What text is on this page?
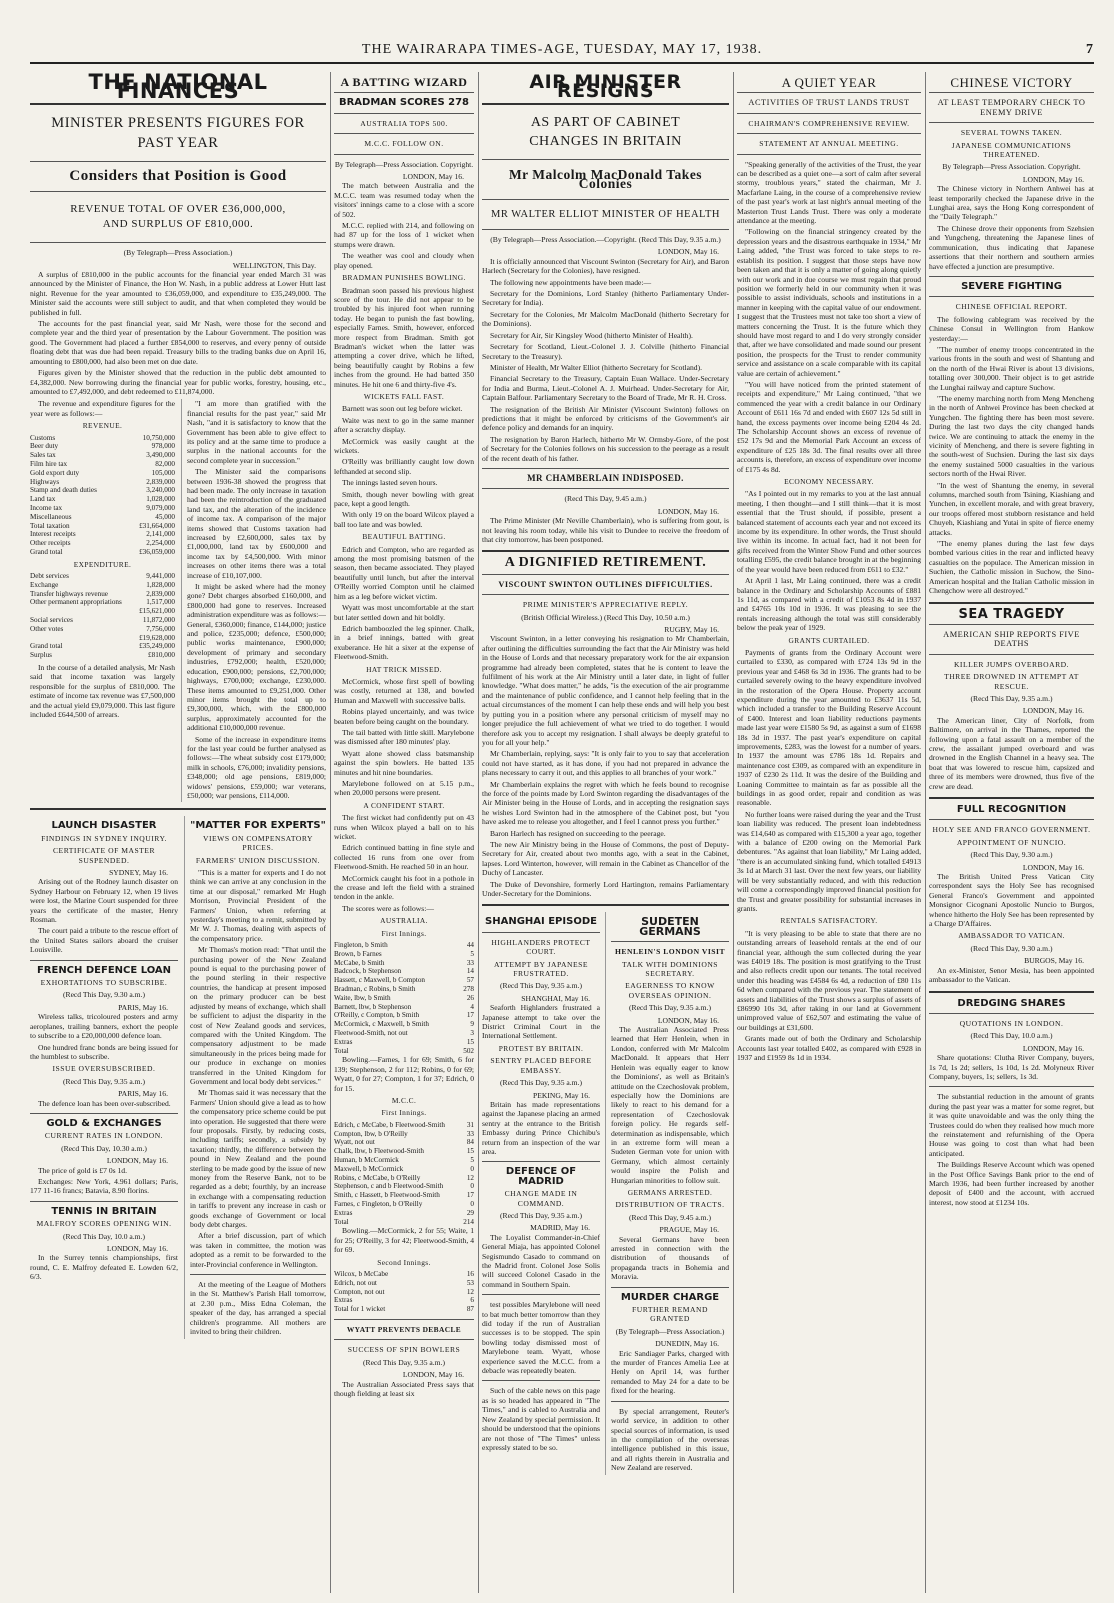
THE WAIRARAPA TIMES-AGE, TUESDAY, MAY 17, 1938.	7
THE NATIONAL FINANCES
MINISTER PRESENTS FIGURES FOR PAST YEAR
Considers that Position is Good
REVENUE TOTAL OF OVER £36,000,000, AND SURPLUS OF £810,000.
(By Telegraph—Press Association.)
WELLINGTON, This Day.

A surplus of £810,000 in the public accounts for the financial year ended March 31 was announced by the Minister of Finance, the Hon W. Nash, in a public address at Lower Hutt last night. Revenue for the year amounted to £36,059,000, and expenditure to £35,249,000. The Minister said the accounts were still subject to audit, and that when completed they would be published in full.

The accounts for the past financial year, said Mr Nash, were those for the second and complete year and the third year of presentation by the Labour Government. The position was good. The Government had placed a further £854,000 to reserves, and every penny of outside floating debt that was due had been repaid. Treasury bills to the trading banks due on April 16, amounting to £800,000, had also been met on due date.

Figures given by the Minister showed that the reduction in the public debt amounted to £4,382,000. New borrowing during the financial year for public works, forestry, housing, etc., amounted to £7,492,000, and debt redeemed to £11,874,000.

The revenue and expenditure figures for the year were as follows:—

REVENUE.
Customs	10,750,000
Beer duty	978,000
Sales tax	3,490,000
Film hire tax	82,000
Gold export duty	105,000
Highways	2,839,000
Stamp and death duties	3,240,000
Land tax	1,028,000
Income tax	9,079,000
Miscellaneous	45,000
Total taxation	£31,664,000
Interest receipts	2,141,000
Other receipts	2,254,000
Grand total	£36,059,000
EXPENDITURE.
Debt services	9,441,000
Exchange	1,828,000
Transfer highways revenue	2,839,000
Other permanent appropriations	1,517,000
	£15,621,000
Social services	11,872,000
Other votes	7,756,000
	£19,628,000
Grand total	£35,249,000
Surplus	£810,000

In the course of a detailed analysis, Mr Nash said that income taxation was largely responsible for the surplus of £810,000. The estimate of income tax revenue was £7,500,000 and the actual yield £9,079,000. This last figure included £644,500 of arrears.

"I am more than gratified with the financial results for the past year," said Mr Nash, "and it is satisfactory to know that the Government has been able to give effect to its policy and at the same time to produce a surplus in the national accounts for the second complete year in succession."

The Minister said the comparisons between 1936-38 showed the progress that had been made. The only increase in taxation had been the reintroduction of the graduated land tax, and the alteration of the incidence of income tax. A comparison of the major items showed that Customs taxation had increased by £2,600,000, sales tax by £1,000,000, land tax by £600,000 and income tax by £4,500,000. With minor increases on other items there was a total increase of £10,107,000.

It might be asked where had the money gone? Debt charges absorbed £160,000, and £800,000 had gone to reserves. Increased administration expenditure was as follows:—General, £360,000; finance, £144,000; justice and police, £235,000; defence, £500,000; public works maintenance, £900,000; development of primary and secondary industries, £792,000; health, £520,000; education, £900,000; pensions, £2,700,000; highways, £700,000; exchange, £230,000. These items amounted to £9,251,000. Other minor items brought the total up to £9,300,000, which, with the £800,000 surplus, approximately accounted for the additional £10,000,000 revenue.

Some of the increase in expenditure items for the last year could be further analysed as follows:—The wheat subsidy cost £179,000; milk in schools, £76,000; invalidity pensions, £348,000; old age pensions, £819,000; widows' pensions, £59,000; war veterans, £50,000; war pensions, £114,000.

LAUNCH DISASTER
FINDINGS IN SYDNEY INQUIRY.
CERTIFICATE OF MASTER SUSPENDED.
SYDNEY, May 16.

Arising out of the Rodney launch disaster on Sydney Harbour on February 12, when 19 lives were lost, the Marine Court suspended for three years the certificate of the master, Henry Rosman.

The court paid a tribute to the rescue effort of the United States sailors aboard the cruiser Louisville.

FRENCH DEFENCE LOAN
EXHORTATIONS TO SUBSCRIBE.
(Recd This Day, 9.30 a.m.)
PARIS, May 16.

Wireless talks, tricoloured posters and army aeroplanes, trailing banners, exhort the people to subscribe to a £20,000,000 defence loan.

One hundred franc bonds are being issued for the humblest to subscribe.

ISSUE OVERSUBSCRIBED.
(Recd This Day, 9.35 a.m.)
PARIS, May 16.

The defence loan has been over-subscribed.

GOLD & EXCHANGES
CURRENT RATES IN LONDON.
(Recd This Day, 10.30 a.m.)
LONDON, May 16.

The price of gold is £7 0s 1d.

Exchanges: New York, 4.961 dollars; Paris, 177 11-16 francs; Batavia, 8.90 florins.

TENNIS IN BRITAIN
MALFROY SCORES OPENING WIN.
(Recd This Day, 10.0 a.m.)
LONDON, May 16.

In the Surrey tennis championships, first round, C. E. Malfroy defeated E. Lowden 6/2, 6/3.

"MATTER FOR EXPERTS"
VIEWS ON COMPENSATORY PRICES.
FARMERS' UNION DISCUSSION.

"This is a matter for experts and I do not think we can arrive at any conclusion in the time at our disposal," remarked Mr Hugh Morrison, Provincial President of the Farmers' Union, when referring at yesterday's meeting to a remit, submitted by Mr W. J. Thomas, dealing with aspects of the compensatory price.

Mr Thomas's motion read: "That until the purchasing power of the New Zealand pound is equal to the purchasing power of the pound sterling in their respective countries, the handicap at present imposed on the primary producer can be best adjusted by means of exchange, which shall be sufficient to adjust the disparity in the cost of New Zealand goods and services, compared with the United Kingdom. The compensatory adjustment to be made simultaneously in the prices being made for our produce in exchange on monies transferred in the United Kingdom for Government and local body debt services."

Mr Thomas said it was necessary that the Farmers' Union should give a lead as to how the compensatory price scheme could be put into operation. He suggested that there were four proposals. Firstly, by reducing costs, including tariffs; secondly, a subsidy by taxation; thirdly, the difference between the pound in New Zealand and the pound sterling to be made good by the issue of new money from the Reserve Bank, not to be regarded as a debt; fourthly, by an increase in exchange with a compensating reduction in tariffs to prevent any increase in cash or goods exchange of Government or local body debt charges.

After a brief discussion, part of which was taken in committee, the motion was adopted as a remit to be forwarded to the inter-Provincial conference in Wellington.

At the meeting of the League of Mothers in the St. Matthew's Parish Hall tomorrow, at 2.30 p.m., Miss Edna Coleman, the speaker of the day, has arranged a special children's programme. All mothers are invited to bring their children.

A BATTING WIZARD
BRADMAN SCORES 278
AUSTRALIA TOPS 500.
M.C.C. FOLLOW ON.
By Telegraph—Press Association. Copyright.
LONDON, May 16.

The match between Australia and the M.C.C. team was resumed today when the visitors' innings came to a close with a score of 502.

M.C.C. replied with 214, and following on had 87 up for the loss of 1 wicket when stumps were drawn.

The weather was cool and cloudy when play opened.

BRADMAN PUNISHES BOWLING.

Bradman soon passed his previous highest score of the tour. He did not appear to be troubled by his injured foot when running today. He began to punish the fast bowling, especially Farnes. Smith, however, enforced more respect from Bradman. Smith got Bradman's wicket when the latter was attempting a cover drive, which he lifted, being beautifully caught by Robins a few inches from the ground. He had batted 350 minutes. He hit one 6 and thirty-five 4's.

WICKETS FALL FAST.

Barnett was soon out leg before wicket.

Waite was next to go in the same manner after a scratchy display.

McCormick was easily caught at the wickets.

O'Reilly was brilliantly caught low down lefthanded at second slip.

The innings lasted seven hours.

Smith, though never bowling with great pace, kept a good length.

With only 19 on the board Wilcox played a ball too late and was bowled.

BEAUTIFUL BATTING.

Edrich and Compton, who are regarded as among the most promising batsmen of the season, then became associated. They played beautifully until lunch, but after the interval O'Reilly worried Compton until he claimed him as a leg before wicket victim.

Wyatt was most uncomfortable at the start but later settled down and hit boldly.

Edrich bamboozled the leg spinner. Chalk, in a brief innings, batted with great exuberance. He hit a sixer at the expense of Fleetwood-Smith.

HAT TRICK MISSED.

McCormick, whose first spell of bowling was costly, returned at 138, and bowled Human and Maxwell with successive balls.

Robins played uncertainly, and was twice beaten before being caught on the boundary.

The tail batted with little skill. Marylebone was dismissed after 180 minutes' play.

Wyatt alone showed class batsmanship against the spin bowlers. He batted 135 minutes and hit nine boundaries.

Marylebone followed on at 5.15 p.m., when 20,000 persons were present.

A CONFIDENT START.

The first wicket had confidently put on 43 runs when Wilcox played a ball on to his wicket.

Edrich continued batting in fine style and collected 16 runs from one over from Fleetwood-Smith. He reached 50 in an hour.

McCormick caught his foot in a pothole in the crease and left the field with a strained tendon in the ankle.

The scores were as follows:—

AUSTRALIA.
First Innings.
Fingleton, b Smith	44
Brown, b Farnes	5
McCabe, b Smith	33
Badcock, b Stephenson	14
Hassett, c Maxwell, b Compton	57
Bradman, c Robins, b Smith	278
Waite, lbw, b Smith	26
Barnett, lbw, b Stephenson	4
O'Reilly, c Compton, b Smith	17
McCormick, c Maxwell, b Smith	9
Fleetwood-Smith, not out	3
Extras	15
Total	502

Bowling.—Farnes, 1 for 69; Smith, 6 for 139; Stephenson, 2 for 112; Robins, 0 for 69; Wyatt, 0 for 27; Compton, 1 for 37; Edrich, 0 for 15.

M.C.C.
First Innings.
Edrich, c McCabe, b Fleetwood-Smith	31
Compton, lbw, b O'Reilly	33
Wyatt, not out	84
Chalk, lbw, b Fleetwood-Smith	15
Human, b McCormick	5
Maxwell, b McCormick	0
Robins, c McCabe, b O'Reilly	12
Stephenson, c and b Fleetwood-Smith	0
Smith, c Hassett, b Fleetwood-Smith	17
Farnes, c Fingleton, b O'Reilly	0
Extras	29
Total	214

Bowling.—McCormick, 2 for 55; Waite, 1 for 25; O'Reilly, 3 for 42; Fleetwood-Smith, 4 for 69.

Second Innings.
Wilcox, b McCabe	16
Edrich, not out	53
Compton, not out	12
Extras	6
Total for 1 wicket	87
WYATT PREVENTS DEBACLE
SUCCESS OF SPIN BOWLERS
(Recd This Day, 9.35 a.m.)
LONDON, May 16.

The Australian Associated Press says that though fielding at least six

AIR MINISTER RESIGNS
AS PART OF CABINET CHANGES IN BRITAIN
Mr Malcolm MacDonald Takes Colonies
MR WALTER ELLIOT MINISTER OF HEALTH
(By Telegraph—Press Association.—Copyright. (Recd This Day, 9.35 a.m.)
LONDON, May 16.

It is officially announced that Viscount Swinton (Secretary for Air), and Baron Harlech (Secretary for the Colonies), have resigned.

The following new appointments have been made:—

Secretary for the Dominions, Lord Stanley (hitherto Parliamentary Under-Secretary for India).

Secretary for the Colonies, Mr Malcolm MacDonald (hitherto Secretary for the Dominions).

Secretary for Air, Sir Kingsley Wood (hitherto Minister of Health).

Secretary for Scotland, Lieut.-Colonel J. J. Colville (hitherto Financial Secretary to the Treasury).

Minister of Health, Mr Walter Elliot (hitherto Secretary for Scotland).

Financial Secretary to the Treasury, Captain Euan Wallace. Under-Secretary for India and Burma, Lieut.-Colonel A. J. Muirhead. Under-Secretary for Air, Captain Balfour. Parliamentary Secretary to the Board of Trade, Mr R. H. Cross.

The resignation of the British Air Minister (Viscount Swinton) follows on predictions that it might be enforced by criticisms of the Government's air defence policy and demands for an inquiry.

The resignation by Baron Harlech, hitherto Mr W. Ormsby-Gore, of the post of Secretary for the Colonies follows on his succession to the peerage as a result of the recent death of his father.

MR CHAMBERLAIN INDISPOSED.
(Recd This Day, 9.45 a.m.)
LONDON, May 16.

The Prime Minister (Mr Neville Chamberlain), who is suffering from gout, is not leaving his room today, while his visit to Dundee to receive the freedom of that city tomorrow, has been postponed.

A DIGNIFIED RETIREMENT.
VISCOUNT SWINTON OUTLINES DIFFICULTIES.
PRIME MINISTER'S APPRECIATIVE REPLY.
(British Official Wireless.) (Recd This Day, 10.50 a.m.)
RUGBY, May 16.

Viscount Swinton, in a letter conveying his resignation to Mr Chamberlain, after outlining the difficulties surrounding the fact that the Air Ministry was held in the House of Lords and that necessary preparatory work for the air expansion programme had already been completed, states that he is content to leave the fulfilment of his work at the Air Ministry until a later date, in light of fuller knowledge. "What does matter," he adds, "is the execution of the air programme and the maintenance of public confidence, and I cannot help feeling that in the actual circumstances of the moment I can help these ends and will help you best by putting you in a position where any personal criticism of myself may no longer prejudice the full achievement of what we tried to do together. I would therefore ask you to accept my resignation. I shall always be deeply grateful to you for all your help."

Mr Chamberlain, replying, says: "It is only fair to you to say that acceleration could not have started, as it has done, if you had not prepared in advance the plans necessary to carry it out, and this applies to all branches of your work."

Mr Chamberlain explains the regret with which he feels bound to recognise the force of the points made by Lord Swinton regarding the disadvantages of the Air Minister being in the House of Lords, and in accepting the resignation says he wishes Lord Swinton had in the atmosphere of the Cabinet post, but "you have asked me to release you altogether, and I feel I cannot press you further."

Baron Harlech has resigned on succeeding to the peerage.

The new Air Ministry being in the House of Commons, the post of Deputy-Secretary for Air, created about two months ago, with a seat in the Cabinet, lapses. Lord Winterton, however, will remain in the Cabinet as Chancellor of the Duchy of Lancaster.

The Duke of Devonshire, formerly Lord Hartington, remains Parliamentary Under-Secretary for the Dominions.

SHANGHAI EPISODE
HIGHLANDERS PROTECT COURT.
ATTEMPT BY JAPANESE FRUSTRATED.
(Recd This Day, 9.35 a.m.)
SHANGHAI, May 16.

Seaforth Highlanders frustrated a Japanese attempt to take over the District Criminal Court in the International Settlement.

PROTEST BY BRITAIN.
SENTRY PLACED BEFORE EMBASSY.
(Recd This Day, 9.35 a.m.)
PEKING, May 16.

Britain has made representations against the Japanese placing an armed sentry at the entrance to the British Embassy during Prince Chichibu's return from an inspection of the war area.

DEFENCE OF MADRID
CHANGE MADE IN COMMAND.
(Recd This Day, 9.35 a.m.)
MADRID, May 16.

The Loyalist Commander-in-Chief General Miaja, has appointed Colonel Segismundo Casado to command on the Madrid front. Colonel Jose Solis will succeed Colonel Casado in the command in Southern Spain.

test possibles Marylebone will need to bat much better tomorrow than they did today if the run of Australian successes is to be stopped. The spin bowling today dismissed most of Marylebone team. Wyatt, whose experience saved the M.C.C. from a debacle was repeatedly beaten.

Such of the cable news on this page as is so headed has appeared in "The Times," and is cabled to Australia and New Zealand by special permission. It should be understood that the opinions are not those of "The Times" unless expressly stated to be so.

SUDETEN GERMANS
HENLEIN'S LONDON VISIT
TALK WITH DOMINIONS SECRETARY.
EAGERNESS TO KNOW OVERSEAS OPINION.
(Recd This Day, 9.35 a.m.)
LONDON, May 16.

The Australian Associated Press learned that Herr Henlein, when in London, conferred with Mr Malcolm MacDonald. It appears that Herr Henlein was equally eager to know the Dominions', as well as Britain's attitude on the Czechoslovak problem, especially how the Dominions are likely to react to his demand for a representation of Czechoslovak foreign policy. He regards self-determination as indispensable, which in an extreme form will mean a Sudeten German vote for union with Germany, which almost certainly would inspire the Polish and Hungarian minorities to follow suit.

GERMANS ARRESTED.
DISTRIBUTION OF TRACTS.
(Recd This Day, 9.45 a.m.)
PRAGUE, May 16.

Several Germans have been arrested in connection with the distribution of thousands of propaganda tracts in Bohemia and Moravia.

MURDER CHARGE
FURTHER REMAND GRANTED
(By Telegraph—Press Association.)
DUNEDIN, May 16.

Eric Sandiager Parks, charged with the murder of Frances Amelia Lee at Henly on April 14, was further remanded to May 24 for a date to be fixed for the hearing.

By special arrangement, Reuter's world service, in addition to other special sources of information, is used in the compilation of the overseas intelligence published in this issue, and all rights therein in Australia and New Zealand are reserved.

A QUIET YEAR
ACTIVITIES OF TRUST LANDS TRUST
CHAIRMAN'S COMPREHENSIVE REVIEW.
STATEMENT AT ANNUAL MEETING.

"Speaking generally of the activities of the Trust, the year can be described as a quiet one—a sort of calm after several stormy, troublous years," stated the chairman, Mr J. Macfarlane Laing, in the course of a comprehensive review of the past year's work at last night's annual meeting of the Masterton Trust Lands Trust. There was only a moderate attendance at the meeting.

"Following on the financial stringency created by the depression years and the disastrous earthquake in 1934," Mr Laing added, "the Trust was forced to take steps to re-establish its position. I suggest that those steps have now been taken and that it is only a matter of going along quietly with our work and in due course we must regain that proud position we formerly held in our community when it was possible to assist individuals, schools and institutions in a manner in keeping with the capital value of our endowment. I suggest that the Trustees must not take too short a view of matters concerning the Trust. It is the future which they should have most regard to and I do very strongly consider that, after we have consolidated and made sound our present position, the prospects for the Trust to render community service and assistance on a scale comparable with its capital value are certain of achievement."

"You will have noticed from the printed statement of receipts and expenditure," Mr Laing continued, "that we commenced the year with a credit balance in our Ordinary Account of £611 16s 7d and ended with £607 12s 5d still in hand, the excess payments over income being £204 4s 2d. The Scholarship Account shows an excess of revenue of £52 17s 9d and the Memorial Park Account an excess of expenditure of £25 18s 3d. The final results over all three accounts is, therefore, an excess of expenditure over income of £175 4s 8d.

ECONOMY NECESSARY.

"As I pointed out in my remarks to you at the last annual meeting, I then thought—and I still think—that it is most essential that the Trust should, if possible, present a balanced statement of accounts each year and not exceed its income by its expenditure. In other words, the Trust should live within its income. In actual fact, had it not been for gifts received from the Winter Show Fund and other sources totalling £595, the credit balance brought in at the beginning of the year would have been reduced from £611 to £32."

At April 1 last, Mr Laing continued, there was a credit balance in the Ordinary and Scholarship Accounts of £881 1s 11d, as compared with a credit of £1053 8s 4d in 1937 and £4765 10s 10d in 1936. It was pleasing to see the rentals increasing although the total was still considerably below the peak year of 1929.

GRANTS CURTAILED.

Payments of grants from the Ordinary Account were curtailed to £330, as compared with £724 13s 9d in the previous year and £468 6s 3d in 1936. The grants had to be curtailed severely owing to the heavy expenditure involved in the restoration of the Opera House. Property account expenditure during the year amounted to £3637 11s 5d, which included a transfer to the Building Reserve Account of £400. Interest and loan liability reductions payments made last year were £1580 5s 9d, as against a sum of £1698 18s 3d in 1937. The past year's expenditure on capital improvements, £283, was the lowest for a number of years. In 1937 the amount was £786 18s 1d. Repairs and maintenance cost £309, as compared with an expenditure in 1937 of £230 2s 11d. It was the desire of the Building and Loaning Committee to maintain as far as possible all the buildings in as good order, repair and condition as was reasonable.

No further loans were raised during the year and the Trust loan liability was reduced. The present loan indebtedness was £14,640 as compared with £15,300 a year ago, together with a balance of £200 owing on the Memorial Park debentures. "As against that loan liability," Mr Laing added, "there is an accumulated sinking fund, which totalled £4913 3s 1d at March 31 last. Over the next few years, our liability will be very substantially reduced, and with this reduction will come a correspondingly improved financial position for the Trust and greater possibility for substantial increases in grants.

RENTALS SATISFACTORY.

"It is very pleasing to be able to state that there are no outstanding arrears of leasehold rentals at the end of our financial year, although the sum collected during the year was £4019 18s. The position is most gratifying to the Trust and also reflects credit upon our tenants. The total received under this heading was £4584 6s 4d, a reduction of £80 11s 6d when compared with the previous year. The statement of assets and liabilities of the Trust shows a surplus of assets of £86990 10s 3d, after taking in our land at Government unimproved value of £62,507 and estimating the value of our buildings at £31,600.

Grants made out of both the Ordinary and Scholarship Accounts last year totalled £402, as compared with £928 in 1937 and £1959 8s 1d in 1934.

CHINESE VICTORY
AT LEAST TEMPORARY CHECK TO ENEMY DRIVE
SEVERAL TOWNS TAKEN.
JAPANESE COMMUNICATIONS THREATENED.
By Telegraph—Press Association. Copyright.
LONDON, May 16.

The Chinese victory in Northern Anhwei has at least temporarily checked the Japanese drive in the Lunghai area, says the Hong Kong correspondent of the "Daily Telegraph."

The Chinese drove their opponents from Szehsien and Yungcheng, threatening the Japanese lines of communication, thus indicating that Japanese assertions that their northern and southern armies have effected a junction are presumptive.

SEVERE FIGHTING
CHINESE OFFICIAL REPORT.

The following cablegram was received by the Chinese Consul in Wellington from Hankow yesterday:—

"The number of enemy troops concentrated in the various fronts in the south and west of Shantung and on the north of the Hwai River is about 13 divisions, totalling over 300,000. Their object is to get astride the Lunghai railway and capture Suchow.

"The enemy marching north from Meng Mencheng in the north of Anhwei Province has been checked at Yungchen. The fighting there has been most severe. During the last two days the city changed hands twice. We are continuing to attack the enemy in the vicinity of Mencheng, and there is severe fighting in the south-west of Suchsien. During the last six days the enemy sustained 5000 casualties in the various sectors north of the Hwai River.

"In the west of Shantung the enemy, in several columns, marched south from Tsining, Kiashiang and Yunchen, in excellent morale, and with great bravery, our troops offered most stubborn resistance and held Chuyeh, Kiashiang and Yutai in spite of fierce enemy attacks.

"The enemy planes during the last few days bombed various cities in the rear and inflicted heavy casualties on the populace. The American mission in Suchien, the Catholic mission in Suchow, the Sino-American hospital and the Italian Catholic mission in Chengchow were all destroyed."

SEA TRAGEDY
AMERICAN SHIP REPORTS FIVE DEATHS
KILLER JUMPS OVERBOARD.
THREE DROWNED IN ATTEMPT AT RESCUE.
(Recd This Day, 9.35 a.m.)
LONDON, May 16.

The American liner, City of Norfolk, from Baltimore, on arrival in the Thames, reported the following upon a fatal assault on a member of the crew, the assailant jumped overboard and was drowned in the English Channel in a heavy sea. The boat that was lowered to rescue him, capsized and three of its members were drowned, thus five of the crew are dead.

FULL RECOGNITION
HOLY SEE AND FRANCO GOVERNMENT.
APPOINTMENT OF NUNCIO.
(Recd This Day, 9.30 a.m.)
LONDON, May 16.

The British United Press Vatican City correspondent says the Holy See has recognised General Franco's Government and appointed Monsignor Cicognani Apostolic Nuncio to Burgos, whence hitherto the Holy See has been represented by a Charge D'Affaires.

AMBASSADOR TO VATICAN.
(Recd This Day, 9.30 a.m.)
BURGOS, May 16.

An ex-Minister, Senor Mesia, has been appointed ambassador to the Vatican.

DREDGING SHARES
QUOTATIONS IN LONDON.
(Recd This Day, 10.0 a.m.)
LONDON, May 16.

Share quotations: Clutha River Company, buyers, 1s 7d, 1s 2d; sellers, 1s 10d, 1s 2d. Molyneux River Company, buyers, 1s; sellers, 1s 3d.

The substantial reduction in the amount of grants during the past year was a matter for some regret, but it was quite unavoidable and was the only thing the Trustees could do when they realised how much more the reinstatement and refurnishing of the Opera House was going to cost than what had been anticipated.

The Buildings Reserve Account which was opened in the Post Office Savings Bank prior to the end of March 1936, had been further increased by another deposit of £400 and the account, with accrued interest, now stood at £1234 10s.
